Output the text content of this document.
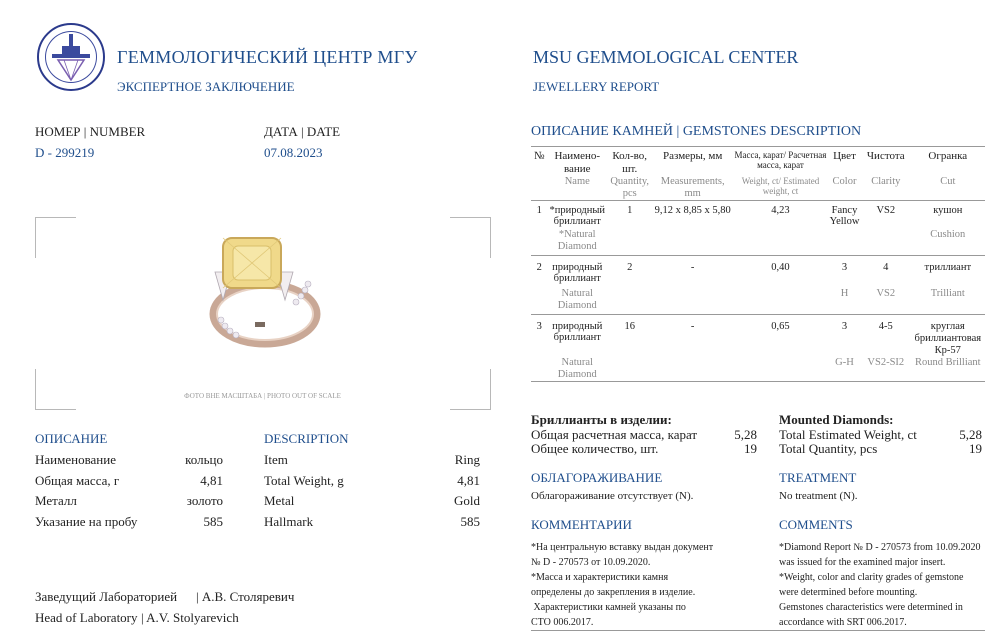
ГЕММОЛОГИЧЕСКИЙ ЦЕНТР МГУ
ЭКСПЕРТНОЕ ЗАКЛЮЧЕНИЕ
MSU GEMMOLOGICAL CENTER
JEWELLERY REPORT
НОМЕР | NUMBER
D - 299219
ДАТА | DATE
07.08.2023
ФОТО ВНЕ МАСШТАБА | PHOTO OUT OF SCALE
ОПИСАНИЕ	DESCRIPTION
Наименование	кольцо	Item	Ring
Общая масса, г	4,81	Total Weight, g	4,81
Металл	золото	Metal	Gold
Указание на пробу	585	Hallmark	585
Заведущий Лабораторией | А.В. Столяревич
Head of Laboratory | A.V. Stolyarevich
ОПИСАНИЕ КАМНЕЙ | GEMSTONES DESCRIPTION
№	Наимено-вание	Кол-во, шт.	Размеры, мм	Масса, карат/ Расчетная масса, карат	Цвет	Чистота	Огранка
	Name	Quantity, pcs	Measurements, mm	Weight, ct/ Estimated weight, ct	Color	Clarity	Cut
1	*природный бриллиант	1	9,12 x 8,85 x 5,80	4,23	Fancy Yellow	VS2	кушон
	*Natural Diamond						Cushion
2	природный бриллиант	2	-	0,40	3	4	триллиант
	Natural Diamond				H	VS2	Trilliant
3	природный бриллиант	16	-	0,65	3	4-5	круглая бриллиантовая Кр-57
	Natural Diamond				G-H	VS2-SI2	Round Brilliant
Бриллианты в изделии:
Общая расчетная масса, карат	5,28
Общее количество, шт.	19
Mounted Diamonds:
Total Estimated Weight, ct	5,28
Total Quantity, pcs	19
ОБЛАГОРАЖИВАНИЕ
Облагораживание отсутствует (N).
TREATMENT
No treatment (N).
КОММЕНТАРИИ
*На центральную вставку выдан документ
№ D - 270573 от 10.09.2020.
*Масса и характеристики камня
определены до закрепления в изделие.
Характеристики камней указаны по
СТО 006.2017.
COMMENTS
*Diamond Report № D - 270573 from 10.09.2020
was issued for the examined major insert.
*Weight, color and clarity grades of gemstone
were determined before mounting.
Gemstones characteristics were determined in
accordance with SRT 006.2017.
